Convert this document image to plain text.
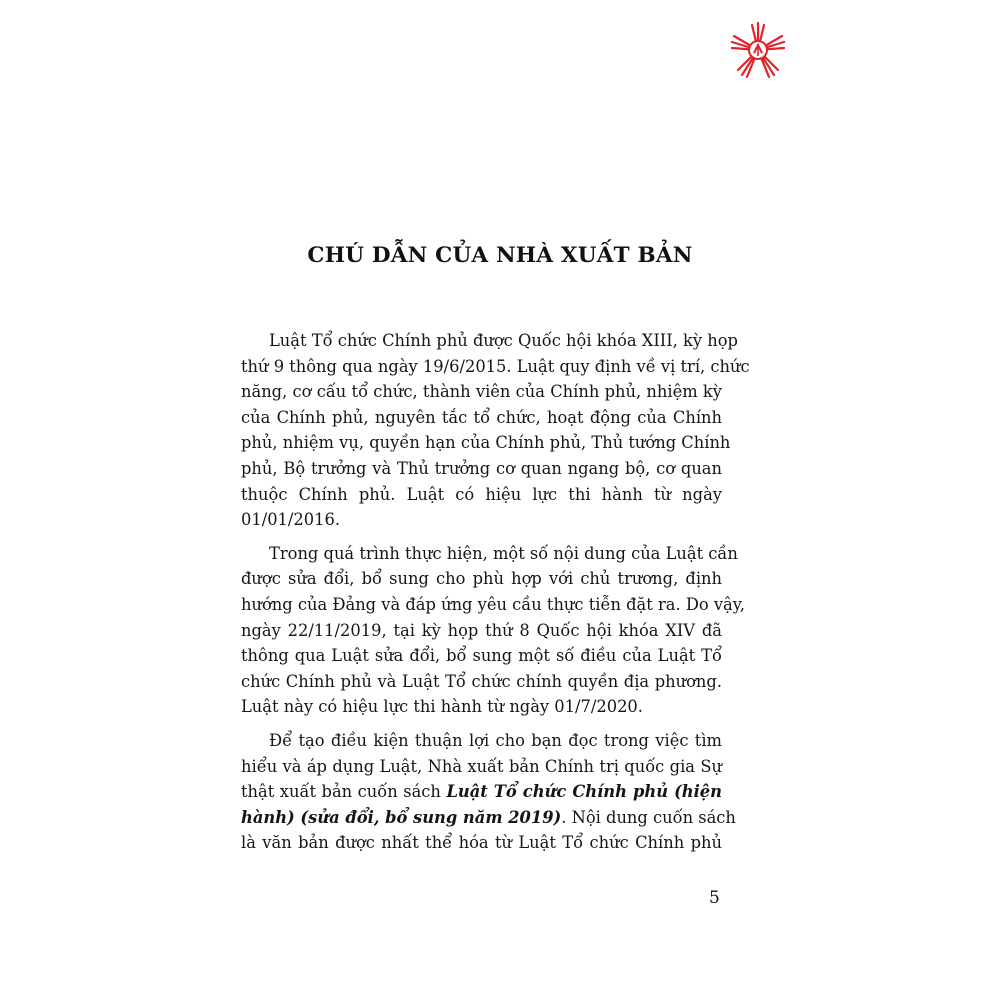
CHÚ DẪN CỦA NHÀ XUẤT BẢN
Luật Tổ chức Chính phủ được Quốc hội khóa XIII, kỳ họp
thứ 9 thông qua ngày 19/6/2015. Luật quy định về vị trí, chức
năng, cơ cấu tổ chức, thành viên của Chính phủ, nhiệm kỳ
của Chính phủ, nguyên tắc tổ chức, hoạt động của Chính
phủ, nhiệm vụ, quyền hạn của Chính phủ, Thủ tướng Chính
phủ, Bộ trưởng và Thủ trưởng cơ quan ngang bộ, cơ quan
thuộc Chính phủ. Luật có hiệu lực thi hành từ ngày
01/01/2016.
Trong quá trình thực hiện, một số nội dung của Luật cần
được sửa đổi, bổ sung cho phù hợp với chủ trương, định
hướng của Đảng và đáp ứng yêu cầu thực tiễn đặt ra. Do vậy,
ngày 22/11/2019, tại kỳ họp thứ 8 Quốc hội khóa XIV đã
thông qua Luật sửa đổi, bổ sung một số điều của Luật Tổ
chức Chính phủ và Luật Tổ chức chính quyền địa phương.
Luật này có hiệu lực thi hành từ ngày 01/7/2020.
Để tạo điều kiện thuận lợi cho bạn đọc trong việc tìm
hiểu và áp dụng Luật, Nhà xuất bản Chính trị quốc gia Sự
thật xuất bản cuốn sách Luật Tổ chức Chính phủ (hiện
hành) (sửa đổi, bổ sung năm 2019). Nội dung cuốn sách
là văn bản được nhất thể hóa từ Luật Tổ chức Chính phủ
5
